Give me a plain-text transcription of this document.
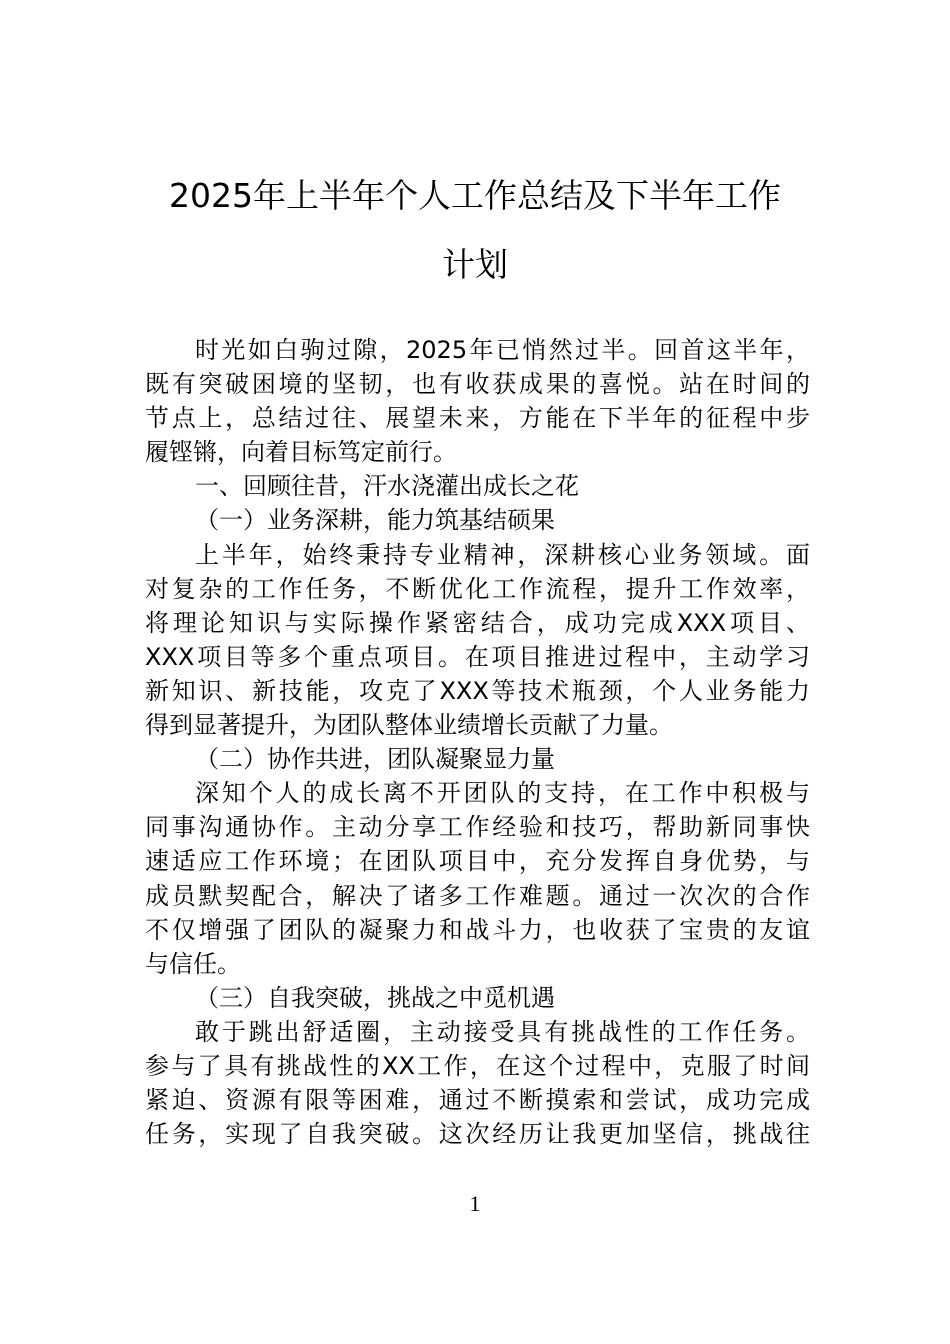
2025年上半年个人工作总结及下半年工作
计划
时光如白驹过隙，2025年已悄然过半。回首这半年，
既有突破困境的坚韧，也有收获成果的喜悦。站在时间的
节点上，总结过往、展望未来，方能在下半年的征程中步
履铿锵，向着目标笃定前行。
一、回顾往昔，汗水浇灌出成长之花
（一）业务深耕，能力筑基结硕果
上半年，始终秉持专业精神，深耕核心业务领域。面
对复杂的工作任务，不断优化工作流程，提升工作效率，
将理论知识与实际操作紧密结合，成功完成XXX项目、
XXX项目等多个重点项目。在项目推进过程中，主动学习
新知识、新技能，攻克了XXX等技术瓶颈，个人业务能力
得到显著提升，为团队整体业绩增长贡献了力量。
（二）协作共进，团队凝聚显力量
深知个人的成长离不开团队的支持，在工作中积极与
同事沟通协作。主动分享工作经验和技巧，帮助新同事快
速适应工作环境；在团队项目中，充分发挥自身优势，与
成员默契配合，解决了诸多工作难题。通过一次次的合作
不仅增强了团队的凝聚力和战斗力，也收获了宝贵的友谊
与信任。
（三）自我突破，挑战之中觅机遇
敢于跳出舒适圈，主动接受具有挑战性的工作任务。
参与了具有挑战性的XX工作，在这个过程中，克服了时间
紧迫、资源有限等困难，通过不断摸索和尝试，成功完成
任务，实现了自我突破。这次经历让我更加坚信，挑战往
1
